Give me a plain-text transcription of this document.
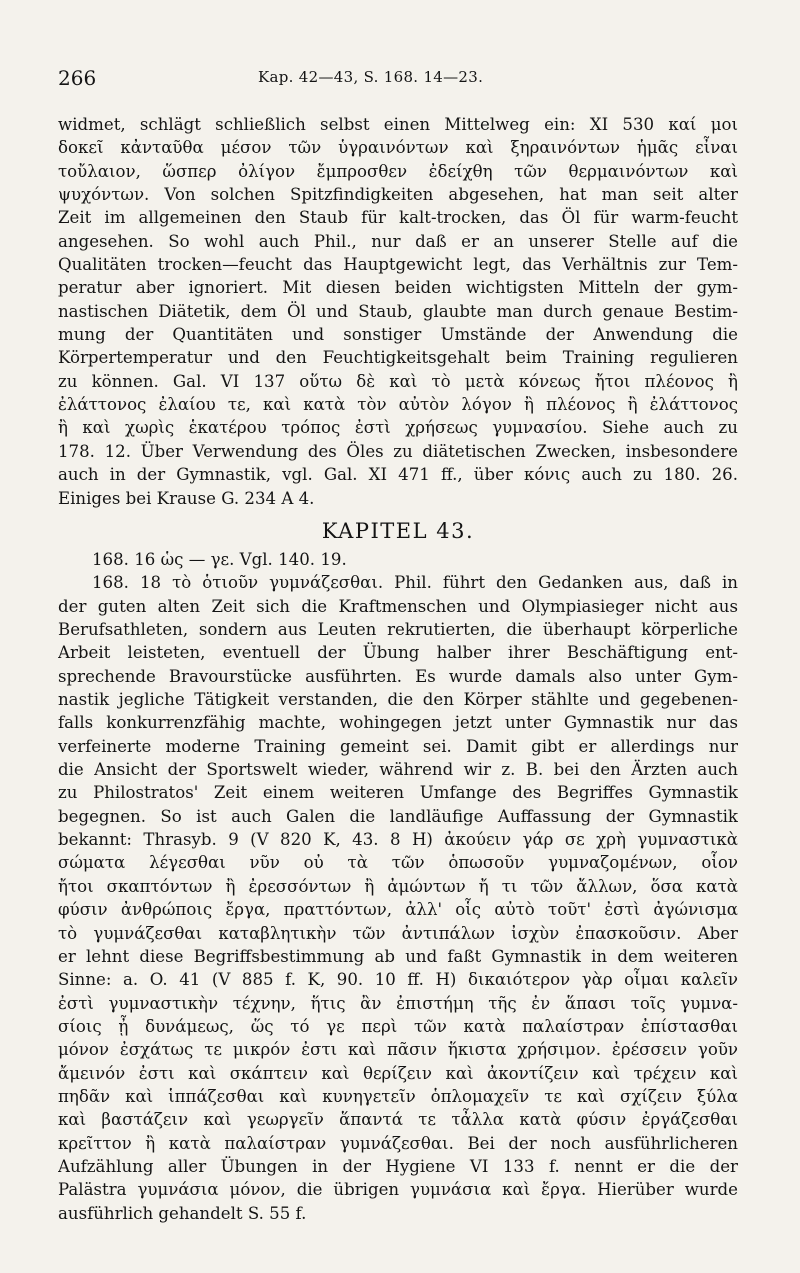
266	Kap. 42—43, S. 168. 14—23.
widmet, schlägt schließlich selbst einen Mittelweg ein: XI 530 καί μοι
δοκεῖ κἀνταῦθα μέσον τῶν ὑγραινόντων καὶ ξηραινόντων ἡμᾶς εἶναι
τοὔλαιον, ὥσπερ ὀλίγον ἔμπροσθεν ἐδείχθη τῶν θερμαινόντων καὶ
ψυχόντων. Von solchen Spitzfindigkeiten abgesehen, hat man seit alter
Zeit im allgemeinen den Staub für kalt-trocken, das Öl für warm-feucht
angesehen. So wohl auch Phil., nur daß er an unserer Stelle auf die
Qualitäten trocken—feucht das Hauptgewicht legt, das Verhältnis zur Tem-
peratur aber ignoriert. Mit diesen beiden wichtigsten Mitteln der gym-
nastischen Diätetik, dem Öl und Staub, glaubte man durch genaue Bestim-
mung der Quantitäten und sonstiger Umstände der Anwendung die
Körpertemperatur und den Feuchtigkeitsgehalt beim Training regulieren
zu können. Gal. VI 137 οὕτω δὲ καὶ τὸ μετὰ κόνεως ἤτοι πλέονος ἢ
ἐλάττονος ἐλαίου τε, καὶ κατὰ τὸν αὐτὸν λόγον ἢ πλέονος ἢ ἐλάττονος
ἢ καὶ χωρὶς ἑκατέρου τρόπος ἐστὶ χρήσεως γυμνασίου. Siehe auch zu
178. 12. Über Verwendung des Öles zu diätetischen Zwecken, insbesondere
auch in der Gymnastik, vgl. Gal. XI 471 ff., über κόνις auch zu 180. 26.
Einiges bei Krause G. 234 A 4.
KAPITEL 43.
168. 16 ὡς — γε. Vgl. 140. 19.
168. 18 τὸ ὁτιοῦν γυμνάζεσθαι. Phil. führt den Gedanken aus, daß in
der guten alten Zeit sich die Kraftmenschen und Olympiasieger nicht aus
Berufsathleten, sondern aus Leuten rekrutierten, die überhaupt körperliche
Arbeit leisteten, eventuell der Übung halber ihrer Beschäftigung ent-
sprechende Bravourstücke ausführten. Es wurde damals also unter Gym-
nastik jegliche Tätigkeit verstanden, die den Körper stählte und gegebenen-
falls konkurrenzfähig machte, wohingegen jetzt unter Gymnastik nur das
verfeinerte moderne Training gemeint sei. Damit gibt er allerdings nur
die Ansicht der Sportswelt wieder, während wir z. B. bei den Ärzten auch
zu Philostratos' Zeit einem weiteren Umfange des Begriffes Gymnastik
begegnen. So ist auch Galen die landläufige Auffassung der Gymnastik
bekannt: Thrasyb. 9 (V 820 K, 43. 8 H) ἀκούειν γάρ σε χρὴ γυμναστικὰ
σώματα λέγεσθαι νῦν οὐ τὰ τῶν ὁπωσοῦν γυμναζομένων, οἷον
ἤτοι σκαπτόντων ἢ ἐρεσσόντων ἢ ἀμώντων ἤ τι τῶν ἄλλων, ὅσα κατὰ
φύσιν ἀνθρώποις ἔργα, πραττόντων, ἀλλ' οἷς αὐτὸ τοῦτ' ἐστὶ ἀγώνισμα
τὸ γυμνάζεσθαι καταβλητικὴν τῶν ἀντιπάλων ἰσχὺν ἐπασκοῦσιν. Aber
er lehnt diese Begriffsbestimmung ab und faßt Gymnastik in dem weiteren
Sinne: a. O. 41 (V 885 f. K, 90. 10 ff. H) δικαιότερον γὰρ οἶμαι καλεῖν
ἐστὶ γυμναστικὴν τέχνην, ἥτις ἂν ἐπιστήμη τῆς ἐν ἅπασι τοῖς γυμνα-
σίοις ᾖ δυνάμεως, ὥς τό γε περὶ τῶν κατὰ παλαίστραν ἐπίστασθαι
μόνον ἐσχάτως τε μικρόν ἐστι καὶ πᾶσιν ἥκιστα χρήσιμον. ἐρέσσειν γοῦν
ἄμεινόν ἐστι καὶ σκάπτειν καὶ θερίζειν καὶ ἀκοντίζειν καὶ τρέχειν καὶ
πηδᾶν καὶ ἱππάζεσθαι καὶ κυνηγετεῖν ὁπλομαχεῖν τε καὶ σχίζειν ξύλα
καὶ βαστάζειν καὶ γεωργεῖν ἅπαντά τε τἆλλα κατὰ φύσιν ἐργάζεσθαι
κρεῖττον ἢ κατὰ παλαίστραν γυμνάζεσθαι. Bei der noch ausführlicheren
Aufzählung aller Übungen in der Hygiene VI 133 f. nennt er die der
Palästra γυμνάσια μόνον, die übrigen γυμνάσια καὶ ἔργα. Hierüber wurde
ausführlich gehandelt S. 55 f.
